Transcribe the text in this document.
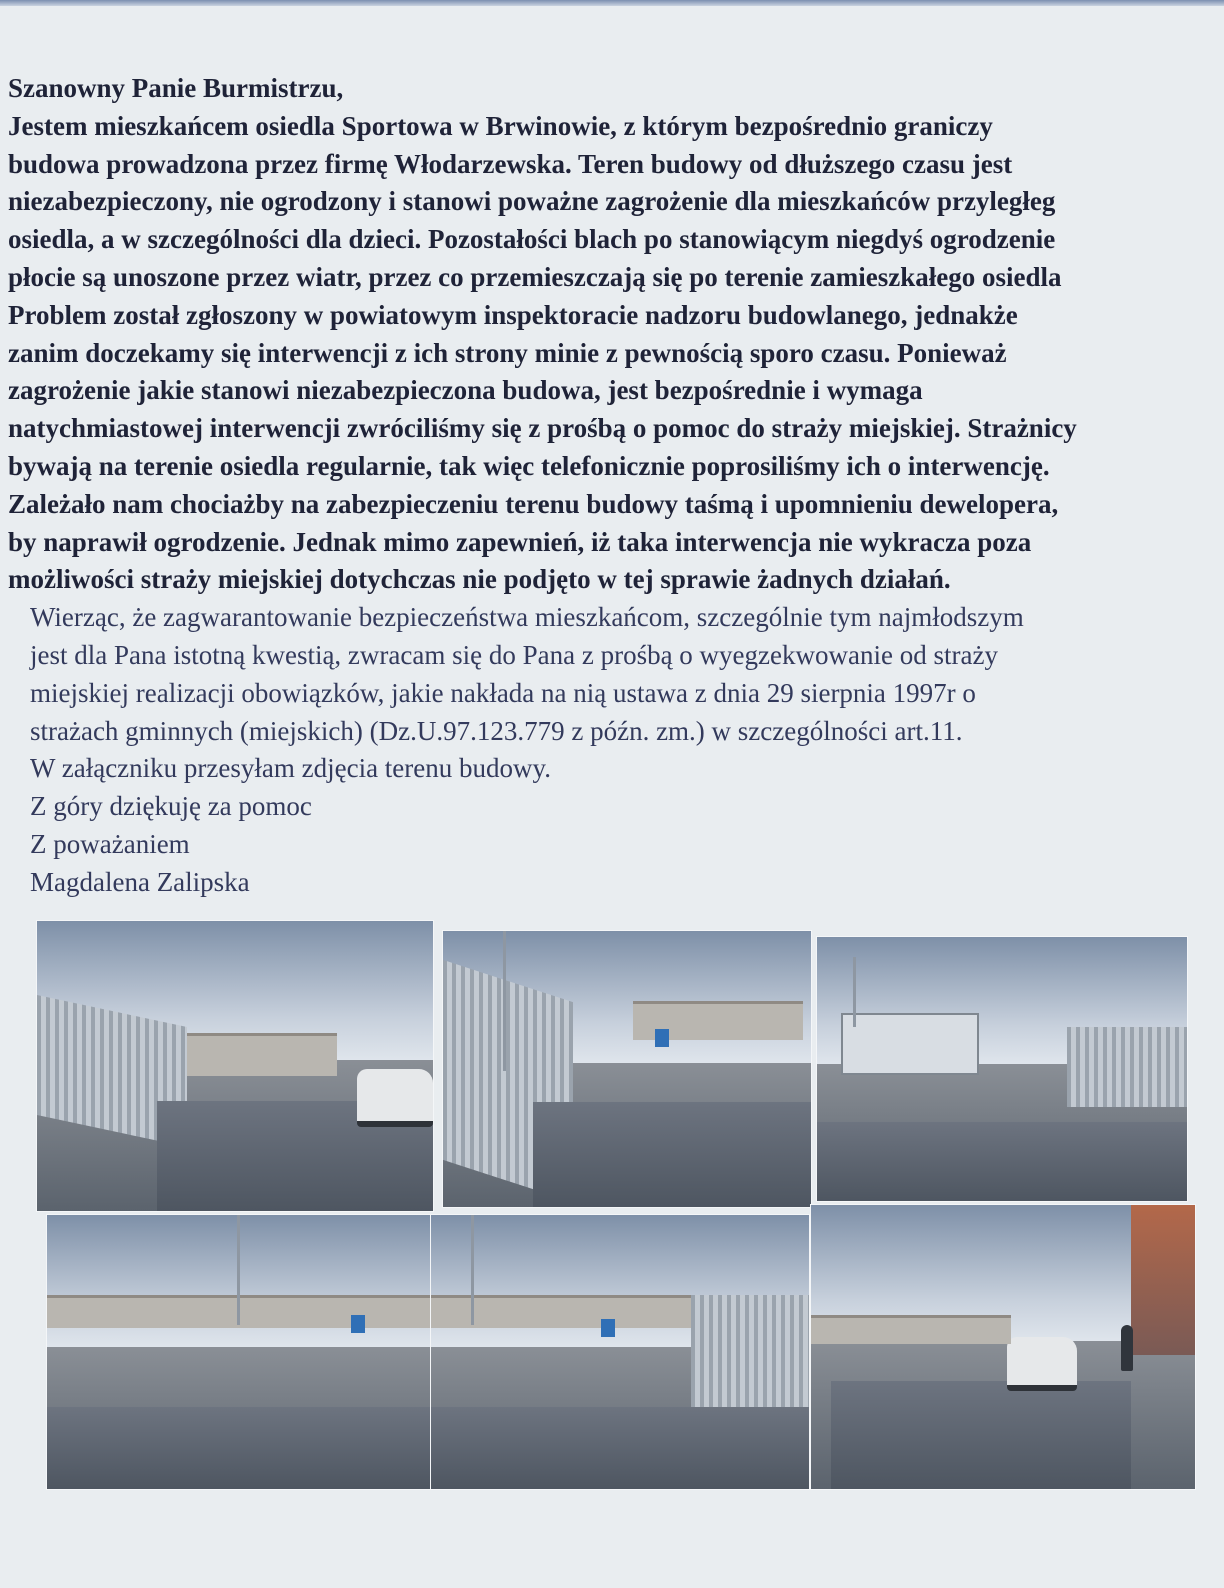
Szanowny Panie Burmistrzu,

Jestem mieszkańcem osiedla Sportowa w Brwinowie, z którym bezpośrednio graniczy

budowa prowadzona przez firmę Włodarzewska. Teren budowy od dłuższego czasu jest

niezabezpieczony, nie ogrodzony i stanowi poważne zagrożenie dla mieszkańców przyległeg

osiedla, a w szczególności dla dzieci. Pozostałości blach po stanowiącym niegdyś ogrodzenie

płocie są unoszone przez wiatr, przez co przemieszczają się po terenie zamieszkałego osiedla

Problem został zgłoszony w powiatowym inspektoracie nadzoru budowlanego, jednakże

zanim doczekamy się interwencji z ich strony minie z pewnością sporo czasu. Ponieważ

zagrożenie jakie stanowi niezabezpieczona budowa, jest bezpośrednie i wymaga

natychmiastowej interwencji zwróciliśmy się z prośbą o pomoc do straży miejskiej. Strażnicy

bywają na terenie osiedla regularnie, tak więc telefonicznie poprosiliśmy ich o interwencję.

Zależało nam chociażby na zabezpieczeniu terenu budowy taśmą i upomnieniu dewelopera,

by naprawił ogrodzenie. Jednak mimo zapewnień, iż taka interwencja nie wykracza poza

możliwości straży miejskiej dotychczas nie podjęto w tej sprawie żadnych działań.

Wierząc, że zagwarantowanie bezpieczeństwa mieszkańcom, szczególnie tym najmłodszym

jest dla Pana istotną kwestią, zwracam się do Pana z prośbą o wyegzekwowanie od straży

miejskiej realizacji obowiązków, jakie nakłada na nią ustawa z dnia 29 sierpnia 1997r o

strażach gminnych (miejskich) (Dz.U.97.123.779 z późn. zm.) w szczególności art.11.

W załączniku przesyłam zdjęcia terenu budowy.

Z góry dziękuję za pomoc

Z poważaniem

Magdalena Zalipska
